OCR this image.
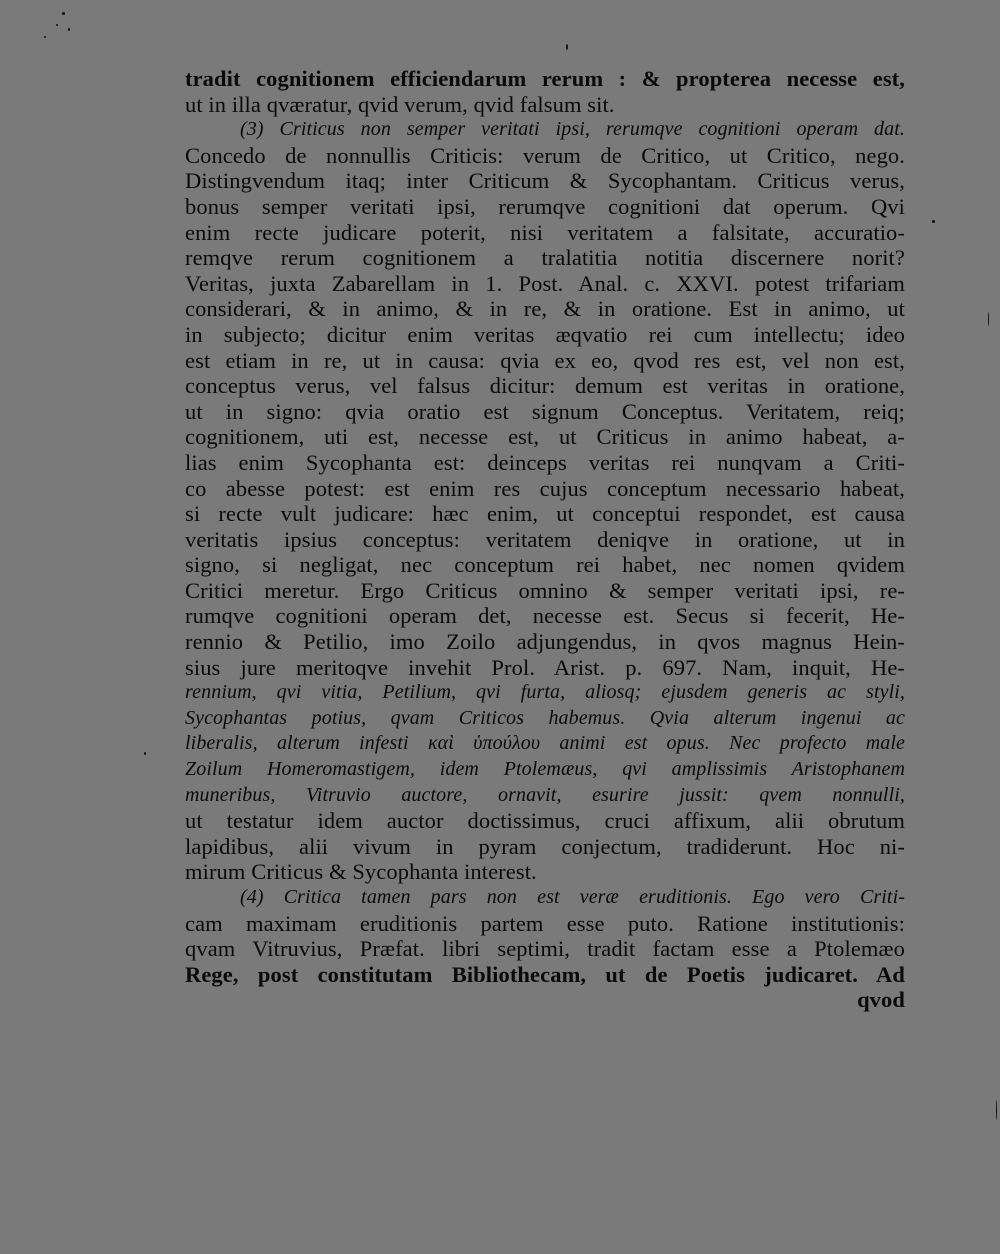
tradit cognitionem efficiendarum rerum : & propterea necesse est,
ut in illa qværatur, qvid verum, qvid falsum sit.
(3) Criticus non semper veritati ipsi, rerumqve cognitioni operam dat.
Concedo de nonnullis Criticis: verum de Critico, ut Critico, nego.
Distingvendum itaq; inter Criticum & Sycophantam. Criticus verus,
bonus semper veritati ipsi, rerumqve cognitioni dat operum. Qvi
enim recte judicare poterit, nisi veritatem a falsitate, accuratio-
remqve rerum cognitionem a tralatitia notitia discernere norit?
Veritas, juxta Zabarellam in 1. Post. Anal. c. XXVI. potest trifariam
considerari, & in animo, & in re, & in oratione. Est in animo, ut
in subjecto; dicitur enim veritas æqvatio rei cum intellectu; ideo
est etiam in re, ut in causa: qvia ex eo, qvod res est, vel non est,
conceptus verus, vel falsus dicitur: demum est veritas in oratione,
ut in signo: qvia oratio est signum Conceptus. Veritatem, reiq;
cognitionem, uti est, necesse est, ut Criticus in animo habeat, a-
lias enim Sycophanta est: deinceps veritas rei nunqvam a Criti-
co abesse potest: est enim res cujus conceptum necessario habeat,
si recte vult judicare: hæc enim, ut conceptui respondet, est causa
veritatis ipsius conceptus: veritatem deniqve in oratione, ut in
signo, si negligat, nec conceptum rei habet, nec nomen qvidem
Critici meretur. Ergo Criticus omnino & semper veritati ipsi, re-
rumqve cognitioni operam det, necesse est. Secus si fecerit, He-
rennio & Petilio, imo Zoilo adjungendus, in qvos magnus Hein-
sius jure meritoqve invehit Prol. Arist. p. 697. Nam, inquit, He-
rennium, qvi vitia, Petilium, qvi furta, aliosq; ejusdem generis ac styli,
Sycophantas potius, qvam Criticos habemus. Qvia alterum ingenui ac
liberalis, alterum infesti καὶ ὑπούλου animi est opus. Nec profecto male
Zoilum Homeromastigem, idem Ptolemæus, qvi amplissimis Aristophanem
muneribus, Vitruvio auctore, ornavit, esurire jussit: qvem nonnulli,
ut testatur idem auctor doctissimus, cruci affixum, alii obrutum
lapidibus, alii vivum in pyram conjectum, tradiderunt. Hoc ni-
mirum Criticus & Sycophanta interest.
(4) Critica tamen pars non est veræ eruditionis. Ego vero Criti-
cam maximam eruditionis partem esse puto. Ratione institutionis:
qvam Vitruvius, Præfat. libri septimi, tradit factam esse a Ptolemæo
Rege, post constitutam Bibliothecam, ut de Poetis judicaret. Ad
qvod
